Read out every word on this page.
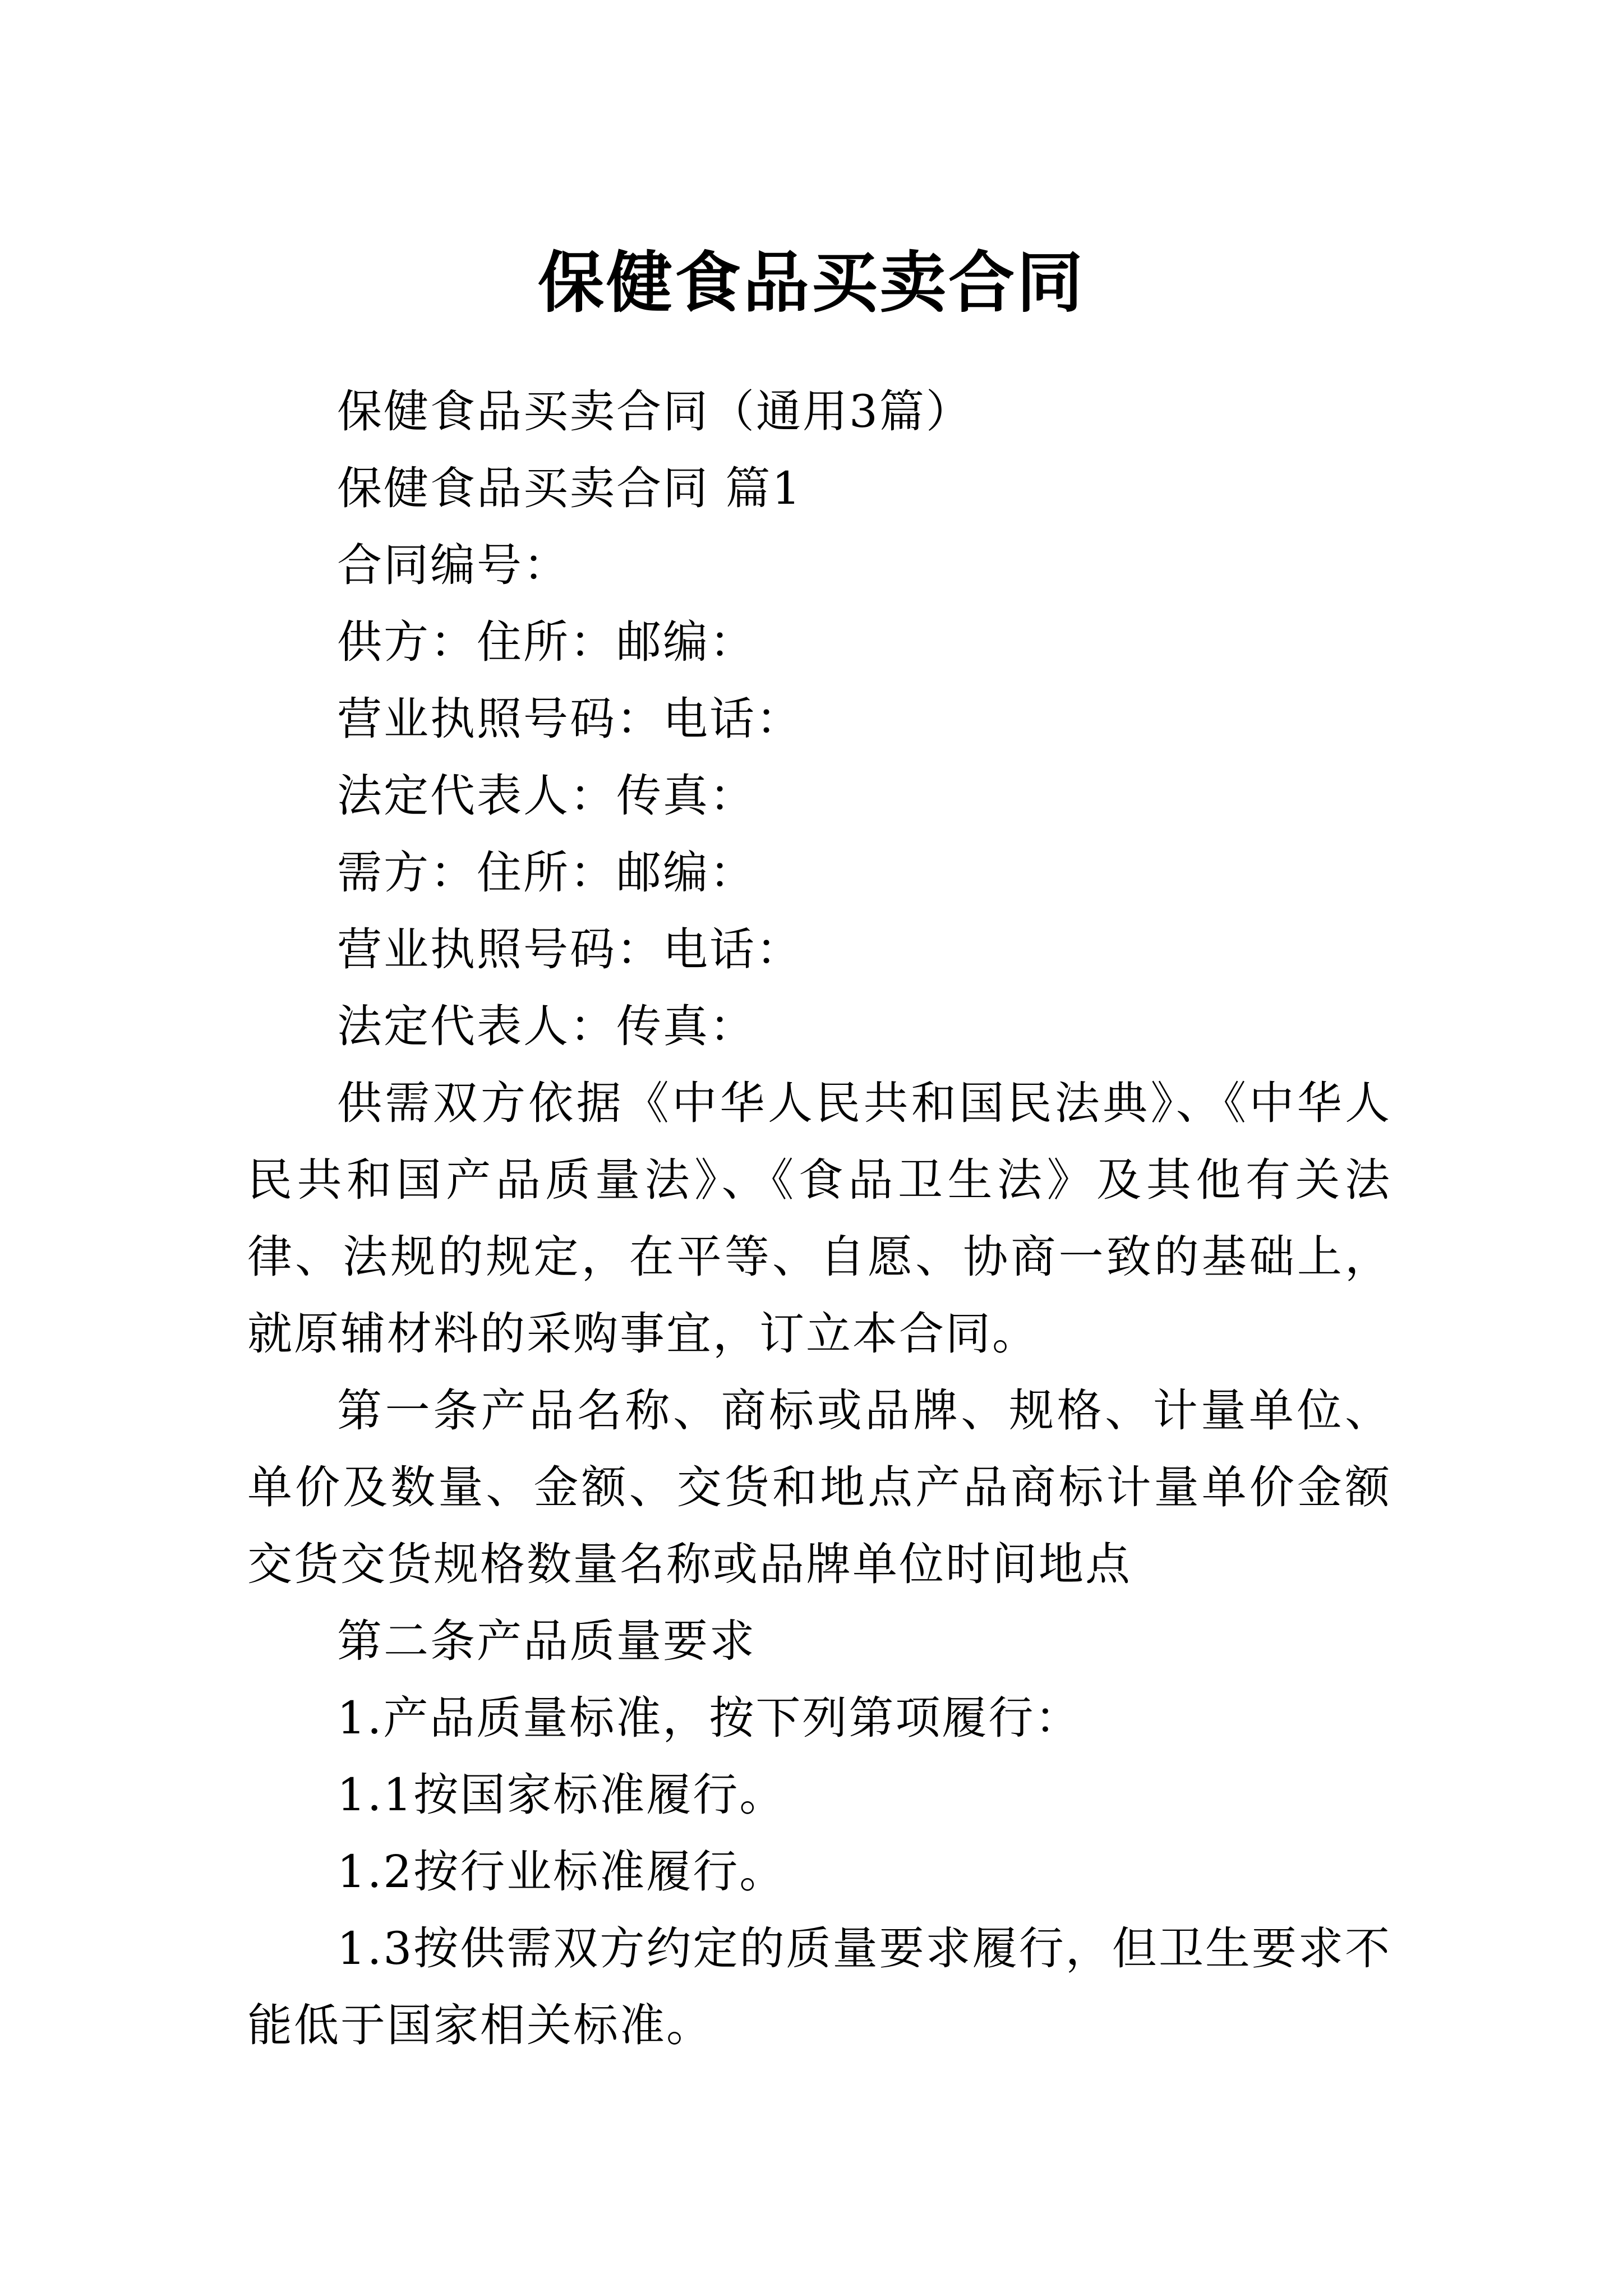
保健食品买卖合同

保健食品买卖合同（通用3篇）

保健食品买卖合同 篇1

合同编号：

供方：住所：邮编：

营业执照号码：电话：

法定代表人：传真：

需方：住所：邮编：

营业执照号码：电话：

法定代表人：传真：

供需双方依据《中华人民共和国民法典》、《中华人民共和国产品质量法》、《食品卫生法》及其他有关法律、法规的规定，在平等、自愿、协商一致的基础上，就原辅材料的采购事宜，订立本合同。

第一条产品名称、商标或品牌、规格、计量单位、单价及数量、金额、交货和地点产品商标计量单价金额交货交货规格数量名称或品牌单位时间地点

第二条产品质量要求

1.产品质量标准，按下列第项履行：

1.1按国家标准履行。

1.2按行业标准履行。

1.3按供需双方约定的质量要求履行，但卫生要求不能低于国家相关标准。
